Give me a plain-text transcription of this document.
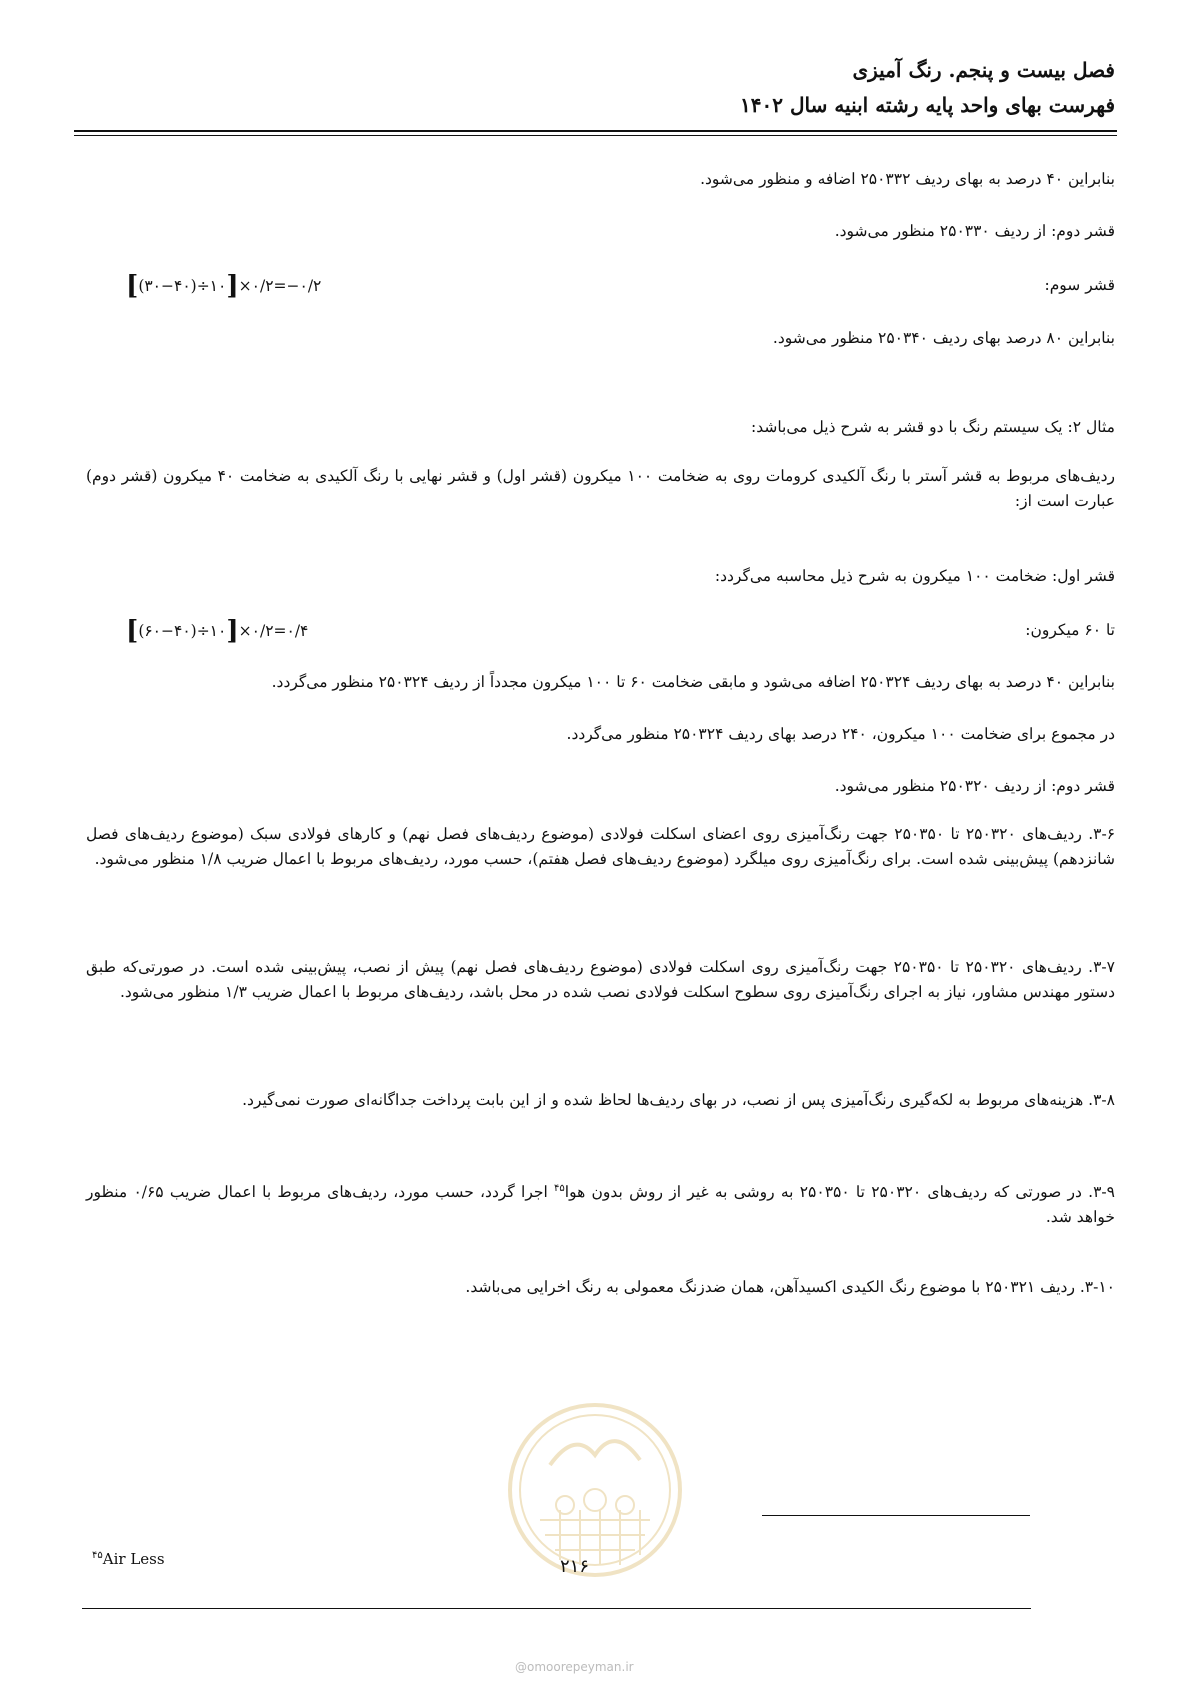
فصل بیست و پنجم. رنگ آمیزی
فهرست بهای واحد پایه رشته ابنیه سال ۱۴۰۲
بنابراین ۴۰ درصد به بهای ردیف ۲۵۰۳۳۲ اضافه و منظور می‌شود.
قشر دوم: از ردیف ۲۵۰۳۳۰ منظور می‌شود.
قشر سوم:
[(۳۰−۴۰)÷۱۰]×۰/۲=−۰/۲
بنابراین ۸۰ درصد بهای ردیف ۲۵۰۳۴۰ منظور می‌شود.
مثال ۲: یک سیستم رنگ با دو قشر به شرح ذیل می‌باشد:
ردیف‌های مربوط به قشر آستر با رنگ آلکیدی کرومات روی به ضخامت ۱۰۰ میکرون (قشر اول) و قشر نهایی با رنگ آلکیدی به ضخامت ۴۰ میکرون (قشر دوم) عبارت است از:
قشر اول: ضخامت ۱۰۰ میکرون به شرح ذیل محاسبه می‌گردد:
تا ۶۰ میکرون:
[(۶۰−۴۰)÷۱۰]×۰/۲=۰/۴
بنابراین ۴۰ درصد به بهای ردیف ۲۵۰۳۲۴ اضافه می‌شود و مابقی ضخامت ۶۰ تا ۱۰۰ میکرون مجدداً از ردیف ۲۵۰۳۲۴ منظور می‌گردد.
در مجموع برای ضخامت ۱۰۰ میکرون، ۲۴۰ درصد بهای ردیف ۲۵۰۳۲۴ منظور می‌گردد.
قشر دوم: از ردیف ۲۵۰۳۲۰ منظور می‌شود.
۳-۶. ردیف‌های ۲۵۰۳۲۰ تا ۲۵۰۳۵۰ جهت رنگ‌آمیزی روی اعضای اسکلت فولادی (موضوع ردیف‌های فصل نهم) و کارهای فولادی سبک (موضوع ردیف‌های فصل شانزدهم) پیش‌بینی شده است. برای رنگ‌آمیزی روی میلگرد (موضوع ردیف‌های فصل هفتم)، حسب مورد، ردیف‌های مربوط با اعمال ضریب ۱/۸ منظور می‌شود.
۳-۷. ردیف‌های ۲۵۰۳۲۰ تا ۲۵۰۳۵۰ جهت رنگ‌آمیزی روی اسکلت فولادی (موضوع ردیف‌های فصل نهم) پیش از نصب، پیش‌بینی شده است. در صورتی‌که طبق دستور مهندس مشاور، نیاز به اجرای رنگ‌آمیزی روی سطوح اسکلت فولادی نصب شده در محل باشد، ردیف‌های مربوط با اعمال ضریب ۱/۳ منظور می‌شود.
۳-۸. هزینه‌های مربوط به لکه‌گیری رنگ‌آمیزی پس از نصب، در بهای ردیف‌ها لحاظ شده و از این بابت پرداخت جداگانه‌ای صورت نمی‌گیرد.
۳-۹. در صورتی که ردیف‌های ۲۵۰۳۲۰ تا ۲۵۰۳۵۰ به روشی به غیر از روش بدون هوا$^{۴۵}$ اجرا گردد، حسب مورد، ردیف‌های مربوط با اعمال ضریب ۰/۶۵ منظور خواهد شد.
۳-۱۰. ردیف ۲۵۰۳۲۱ با موضوع رنگ الکیدی اکسیدآهن، همان ضدزنگ معمولی به رنگ اخرایی می‌باشد.
$^{۴۵}$Air Less	۲۱۶
@omoorepeyman.ir
